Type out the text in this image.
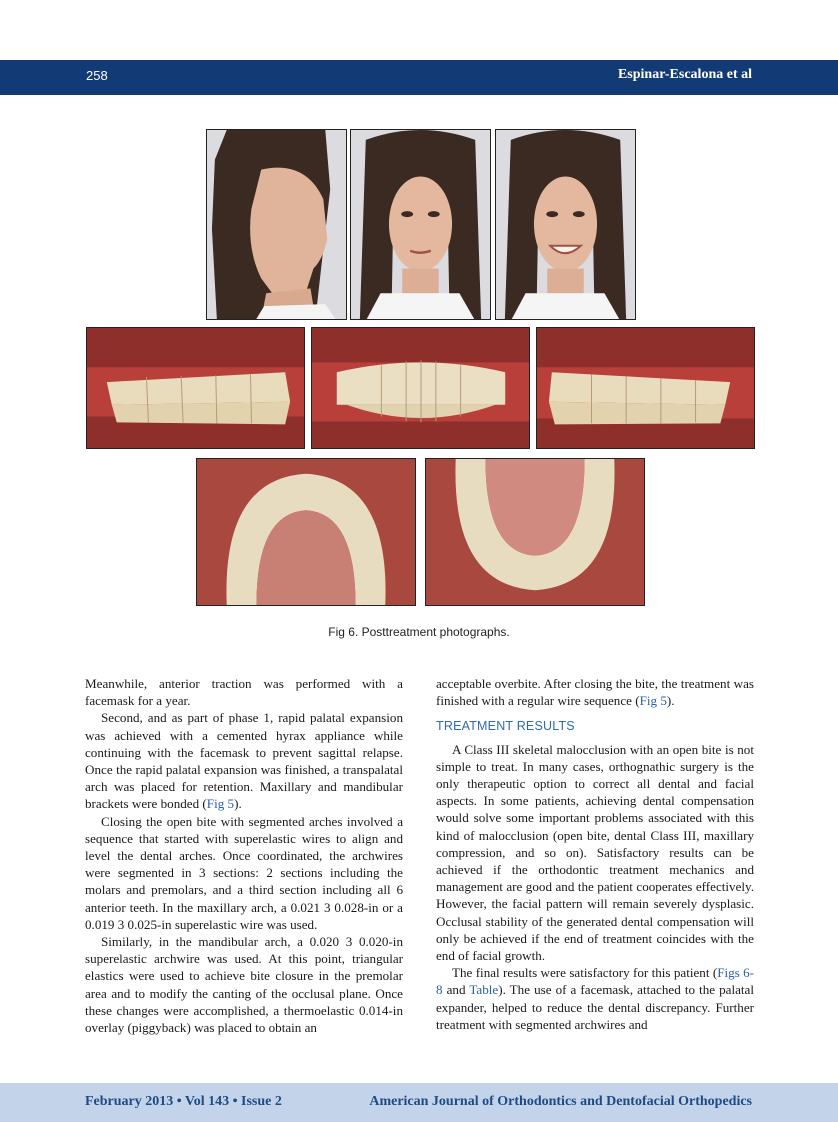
258	Espinar-Escalona et al
Fig 6. Posttreatment photographs.

Meanwhile, anterior traction was performed with a facemask for a year.

Second, and as part of phase 1, rapid palatal expansion was achieved with a cemented hyrax appliance while continuing with the facemask to prevent sagittal relapse. Once the rapid palatal expansion was finished, a transpalatal arch was placed for retention. Maxillary and mandibular brackets were bonded (Fig 5).

Closing the open bite with segmented arches involved a sequence that started with superelastic wires to align and level the dental arches. Once coordinated, the archwires were segmented in 3 sections: 2 sections including the molars and premolars, and a third section including all 6 anterior teeth. In the maxillary arch, a 0.021 3 0.028-in or a 0.019 3 0.025-in superelastic wire was used.

Similarly, in the mandibular arch, a 0.020 3 0.020-in superelastic archwire was used. At this point, triangular elastics were used to achieve bite closure in the premolar area and to modify the canting of the occlusal plane. Once these changes were accomplished, a thermoelastic 0.014-in overlay (piggyback) was placed to obtain an

acceptable overbite. After closing the bite, the treatment was finished with a regular wire sequence (Fig 5).

TREATMENT RESULTS

A Class III skeletal malocclusion with an open bite is not simple to treat. In many cases, orthognathic surgery is the only therapeutic option to correct all dental and facial aspects. In some patients, achieving dental compensation would solve some important problems associated with this kind of malocclusion (open bite, dental Class III, maxillary compression, and so on). Satisfactory results can be achieved if the orthodontic treatment mechanics and management are good and the patient cooperates effectively. However, the facial pattern will remain severely dysplasic. Occlusal stability of the generated dental compensation will only be achieved if the end of treatment coincides with the end of facial growth.

The final results were satisfactory for this patient (Figs 6-8 and Table). The use of a facemask, attached to the palatal expander, helped to reduce the dental discrepancy. Further treatment with segmented archwires and

February 2013 • Vol 143 • Issue 2	American Journal of Orthodontics and Dentofacial Orthopedics
